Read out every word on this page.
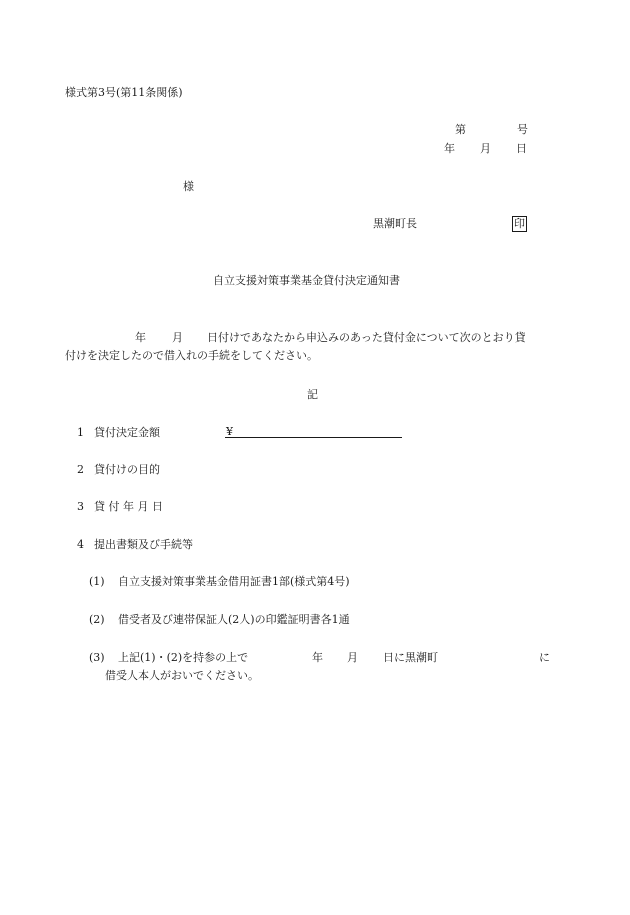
様式第3号(第11条関係)
第	号
年 月 日
様
黒潮町長	印
自立支援対策事業基金貸付決定通知書
年 月 日付けであなたから申込みのあった貸付金について次のとおり貸
付けを決定したので借入れの手続をしてください。
記
1 貸付決定金額	¥
2 貸付けの目的
3 貸 付 年 月 日
4 提出書類及び手続等
(1) 自立支援対策事業基金借用証書1部(様式第4号)
(2) 借受者及び連帯保証人(2人)の印鑑証明書各1通
(3) 上記(1)・(2)を持参の上で	年 月 日に黒潮町	に
借受人本人がおいでください。
